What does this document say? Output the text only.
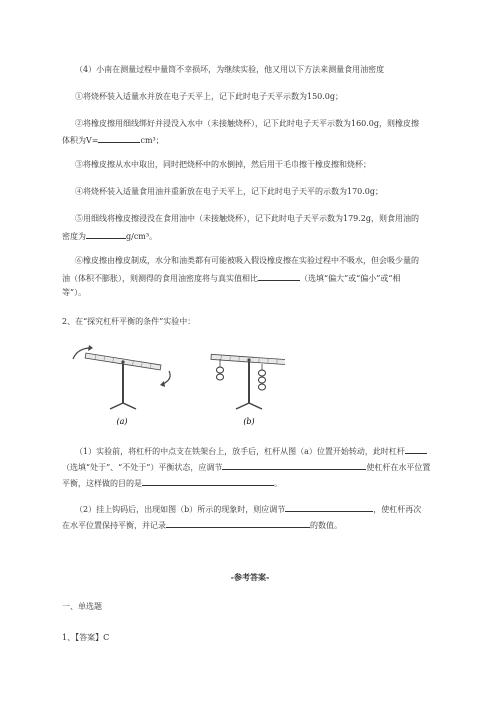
（4）小南在测量过程中量筒不幸损坏，为继续实验，他又用以下方法来测量食用油密度
①将烧杯装入适量水并放在电子天平上，记下此时电子天平示数为150.0g；
②将橡皮擦用细线绑好并浸没入水中（未接触烧杯），记下此时电子天平示数为160.0g，则橡皮擦
体积为V=	cm³；
③将橡皮擦从水中取出，同时把烧杯中的水倒掉，然后用干毛巾擦干橡皮擦和烧杯；
④将烧杯装入适量食用油并重新放在电子天平上，记下此时电子天平的示数为170.0g；
⑤用细线将橡皮擦浸没在食用油中（未接触烧杯），记下此时电子天平示数为179.2g，则食用油的
密度为	g/cm³。
⑥橡皮擦由橡皮制成，水分和油类都有可能被吸入假设橡皮擦在实验过程中不吸水，但会吸少量的
油（体积不膨胀），则测得的食用油密度将与真实值相比	（选填“偏大”或“偏小”或“相
等”）。
2、在“探究杠杆平衡的条件”实验中：
(a)	(b)
（1）实验前，将杠杆的中点支在铁架台上，放手后，杠杆从图（a）位置开始转动，此时杠杆
（选填“处于”、“不处于”）平衡状态，应调节	使杠杆在水平位置
平衡，这样做的目的是	。
（2）挂上钩码后，出现如图（b）所示的现象时，则应调节	，使杠杆再次
在水平位置保持平衡，并记录	的数值。
-参考答案-
一、单选题
1、【答案】C
